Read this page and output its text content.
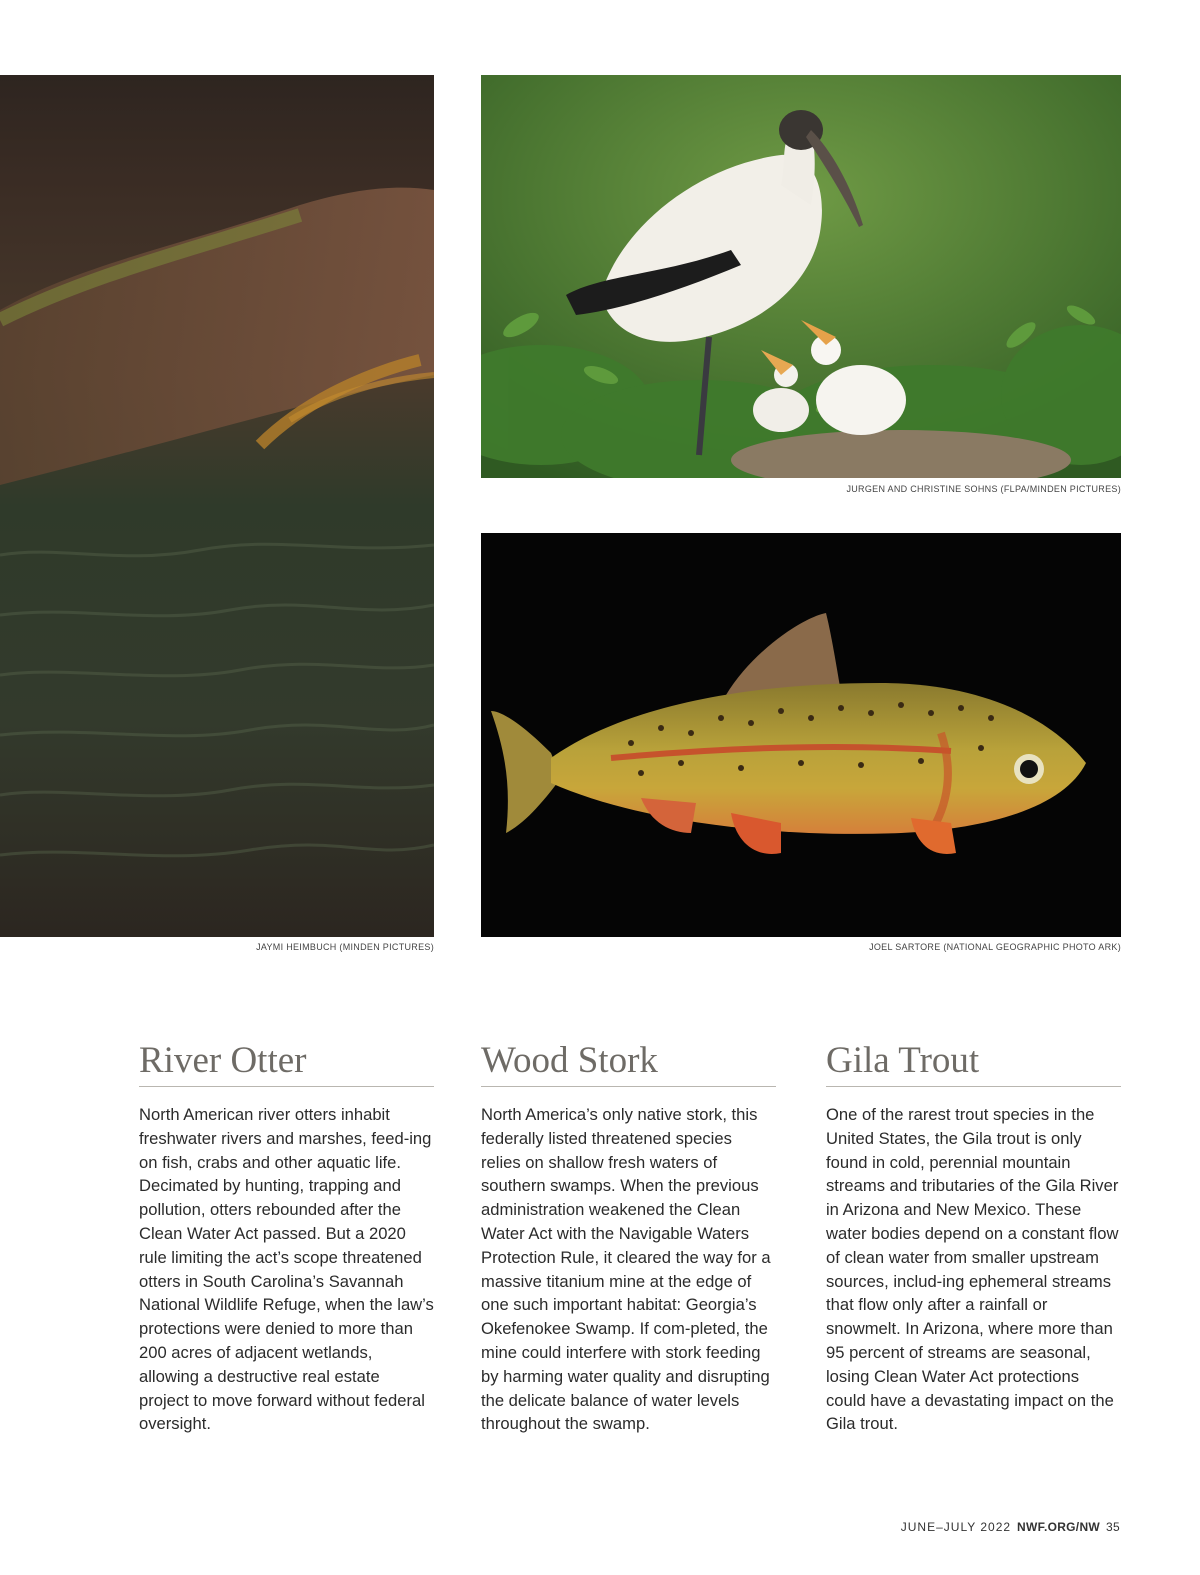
JAYMI HEIMBUCH (MINDEN PICTURES)
JURGEN AND CHRISTINE SOHNS (FLPA/MINDEN PICTURES)
JOEL SARTORE (NATIONAL GEOGRAPHIC PHOTO ARK)
River Otter

North American river otters inhabit freshwater rivers and marshes, feed-ing on fish, crabs and other aquatic life. Decimated by hunting, trapping and pollution, otters rebounded after the Clean Water Act passed. But a 2020 rule limiting the act’s scope threatened otters in South Carolina’s Savannah National Wildlife Refuge, when the law’s protections were denied to more than 200 acres of adjacent wetlands, allowing a destructive real estate project to move forward without federal oversight.

Wood Stork

North America’s only native stork, this federally listed threatened species relies on shallow fresh waters of southern swamps. When the previous administration weakened the Clean Water Act with the Navigable Waters Protection Rule, it cleared the way for a massive titanium mine at the edge of one such important habitat: Georgia’s Okefenokee Swamp. If com-pleted, the mine could interfere with stork feeding by harming water quality and disrupting the delicate balance of water levels throughout the swamp.

Gila Trout

One of the rarest trout species in the United States, the Gila trout is only found in cold, perennial mountain streams and tributaries of the Gila River in Arizona and New Mexico. These water bodies depend on a constant flow of clean water from smaller upstream sources, includ-ing ephemeral streams that flow only after a rainfall or snowmelt. In Arizona, where more than 95 percent of streams are seasonal, losing Clean Water Act protections could have a devastating impact on the Gila trout.

JUNE–JULY 2022 NWF.ORG/NW 35
